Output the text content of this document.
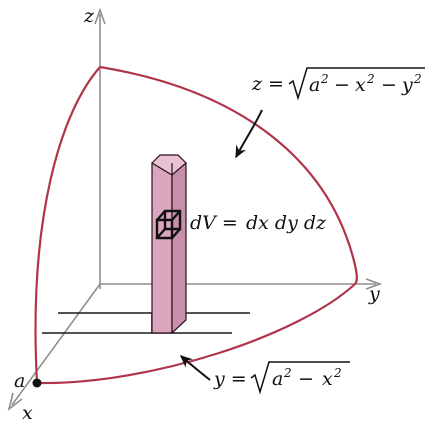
z
y
x
a
z = a 2 − x 2 − y 2
dV = dx dy dz
y = a 2 − x 2
